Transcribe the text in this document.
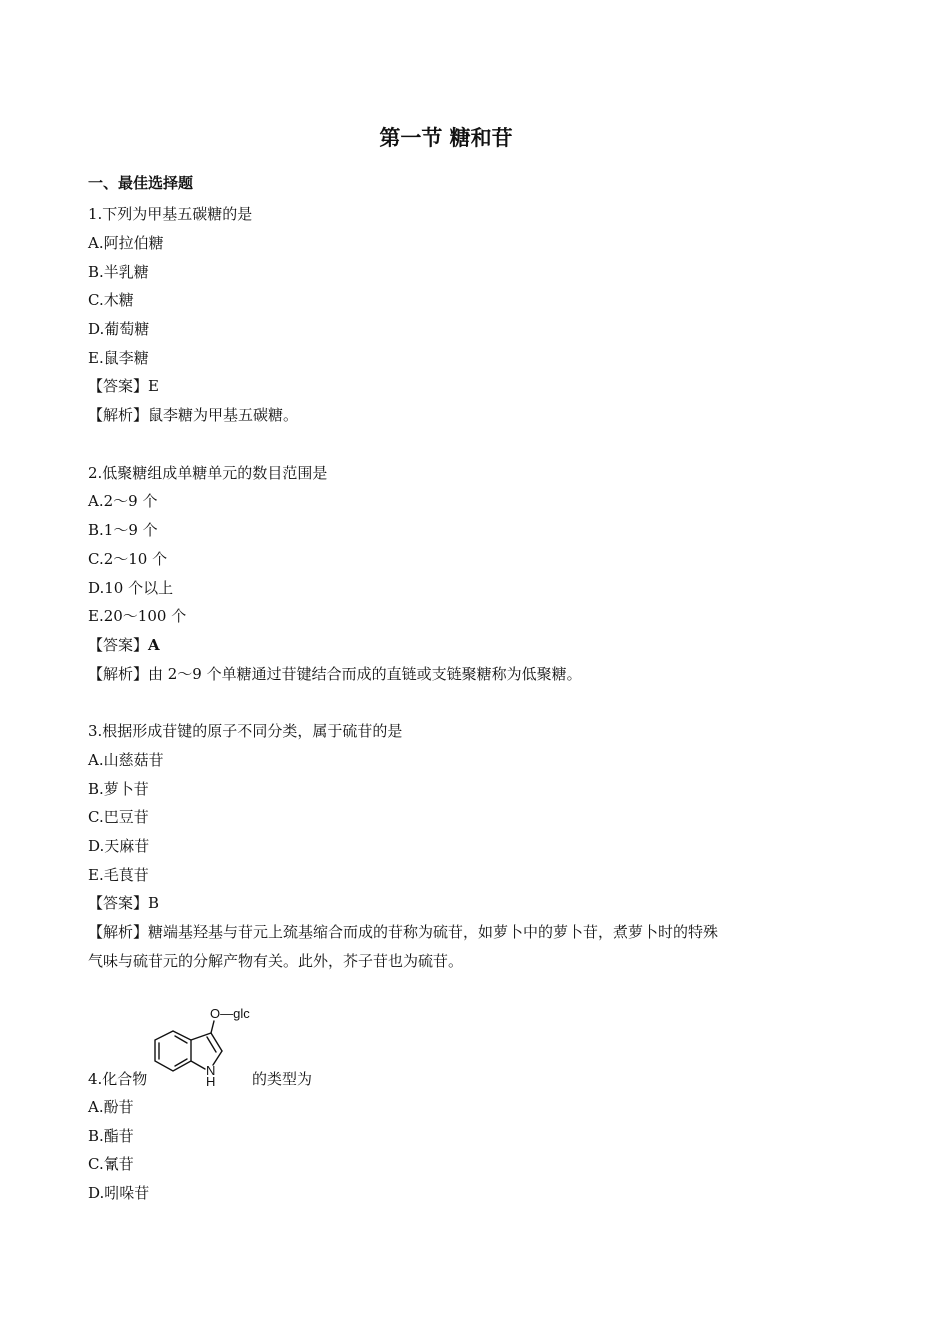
第一节 糖和苷
一、最佳选择题
1.下列为甲基五碳糖的是
A.阿拉伯糖
B.半乳糖
C.木糖
D.葡萄糖
E.鼠李糖
【答案】E
【解析】鼠李糖为甲基五碳糖。
2.低聚糖组成单糖单元的数目范围是
A.2～9 个
B.1～9 个
C.2～10 个
D.10 个以上
E.20～100 个
【答案】A
【解析】由 2～9 个单糖通过苷键结合而成的直链或支链聚糖称为低聚糖。
3.根据形成苷键的原子不同分类，属于硫苷的是
A.山慈菇苷
B.萝卜苷
C.巴豆苷
D.天麻苷
E.毛茛苷
【答案】B
【解析】糖端基羟基与苷元上巯基缩合而成的苷称为硫苷，如萝卜中的萝卜苷，煮萝卜时的特殊
气味与硫苷元的分解产物有关。此外，芥子苷也为硫苷。
4.化合物
O—glc
N
H 的类型为
A.酚苷
B.酯苷
C.氰苷
D.吲哚苷
